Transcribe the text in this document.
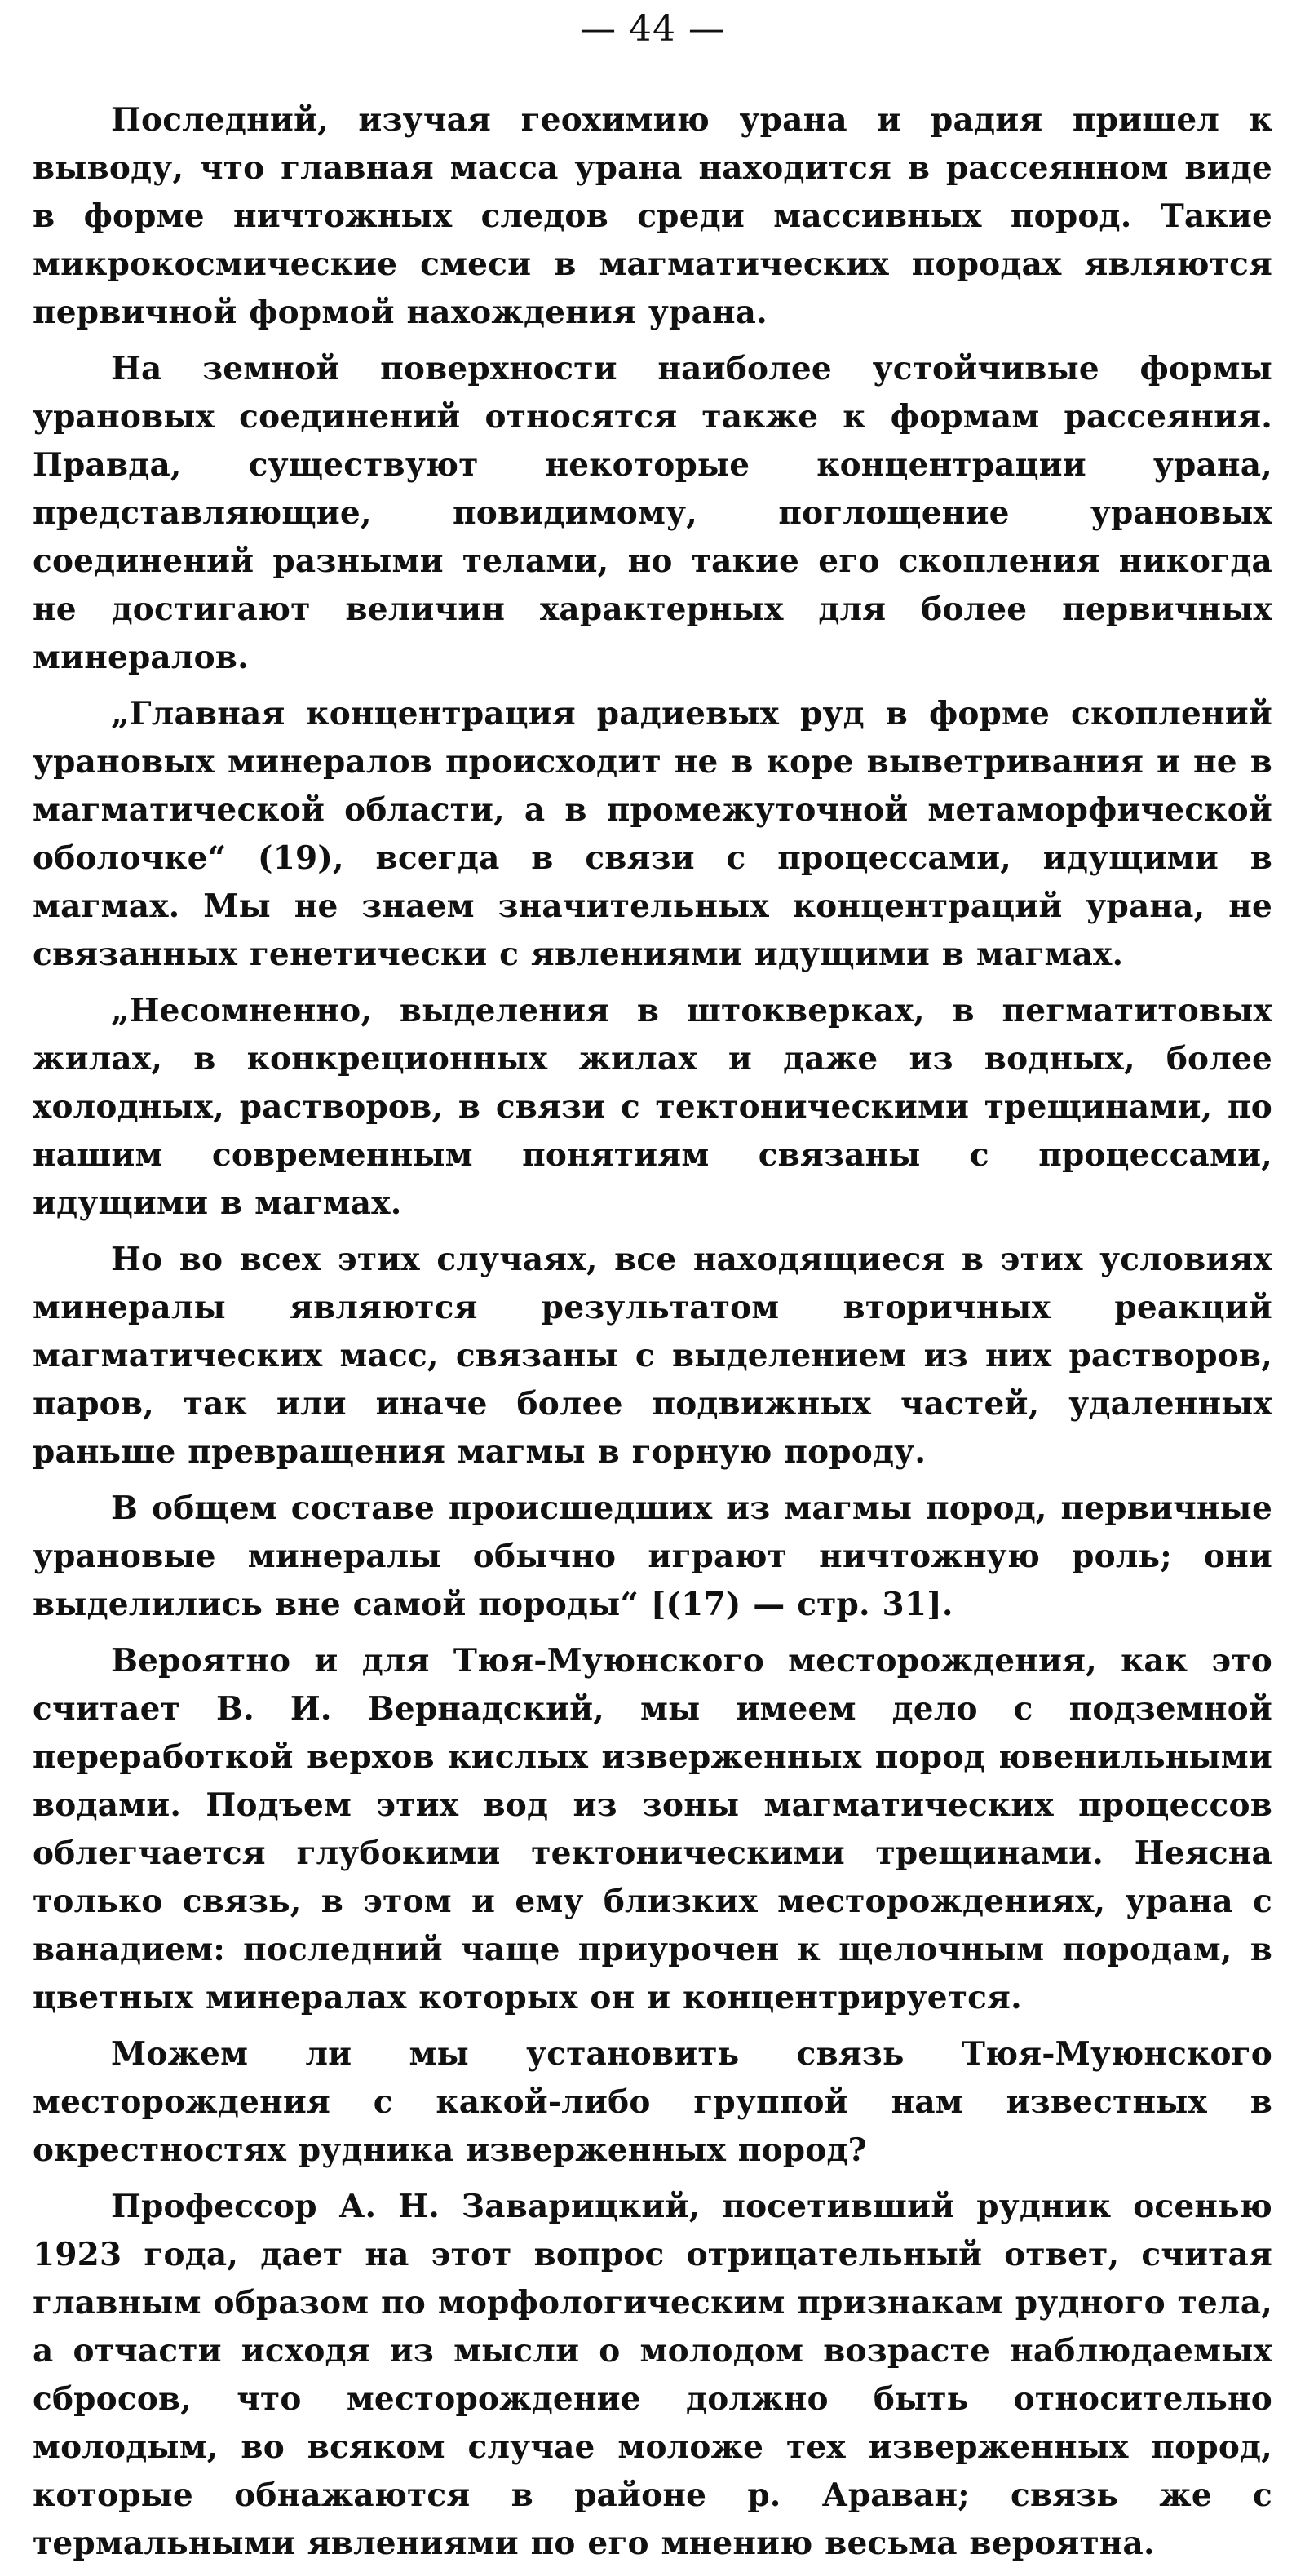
— 44 —

Последний, изучая геохимию урана и радия пришел к выводу, что главная масса урана находится в рассеянном виде в форме ничтожных следов среди массивных пород. Такие микрокосмические смеси в магматических породах являются первичной формой нахождения урана.

На земной поверхности наиболее устойчивые формы урановых соединений относятся также к формам рассеяния. Правда, существуют некоторые концентрации урана, представляющие, повидимому, поглощение урановых соединений разными телами, но такие его скопления никогда не достигают величин характерных для более первичных минералов.

„Главная концентрация радиевых руд в форме скоплений урановых минералов происходит не в коре выветривания и не в магматической области, а в промежуточной метаморфической оболочке“ (19), всегда в связи с процессами, идущими в магмах. Мы не знаем значительных концентраций урана, не связанных генетически с явлениями идущими в магмах.

„Несомненно, выделения в штокверках, в пегматитовых жилах, в конкреционных жилах и даже из водных, более холодных, растворов, в связи с тектоническими трещинами, по нашим современным понятиям связаны с процессами, идущими в магмах.

Но во всех этих случаях, все находящиеся в этих условиях минералы являются результатом вторичных реакций магматических масс, связаны с выделением из них растворов, паров, так или иначе более подвижных частей, удаленных раньше превращения магмы в горную породу.

В общем составе происшедших из магмы пород, первичные урановые минералы обычно играют ничтожную роль; они выделились вне самой породы“ [(17) — стр. 31].

Вероятно и для Тюя-Муюнского месторождения, как это считает В. И. Вернадский, мы имеем дело с подземной переработкой верхов кислых изверженных пород ювенильными водами. Подъем этих вод из зоны магматических процессов облегчается глубокими тектоническими трещинами. Неясна только связь, в этом и ему близких месторождениях, урана с ванадием: последний чаще приурочен к щелочным породам, в цветных минералах которых он и концентрируется.

Можем ли мы установить связь Тюя-Муюнского месторождения с какой-либо группой нам известных в окрестностях рудника изверженных пород?

Профессор А. Н. Заварицкий, посетивший рудник осенью 1923 года, дает на этот вопрос отрицательный ответ, считая главным образом по морфологическим признакам рудного тела, а отчасти исходя из мысли о молодом возрасте наблюдаемых сбросов, что месторождение должно быть относительно молодым, во всяком случае моложе тех изверженных пород, которые обнажаются в районе р. Араван; связь же с термальными явлениями по его мнению весьма вероятна.
